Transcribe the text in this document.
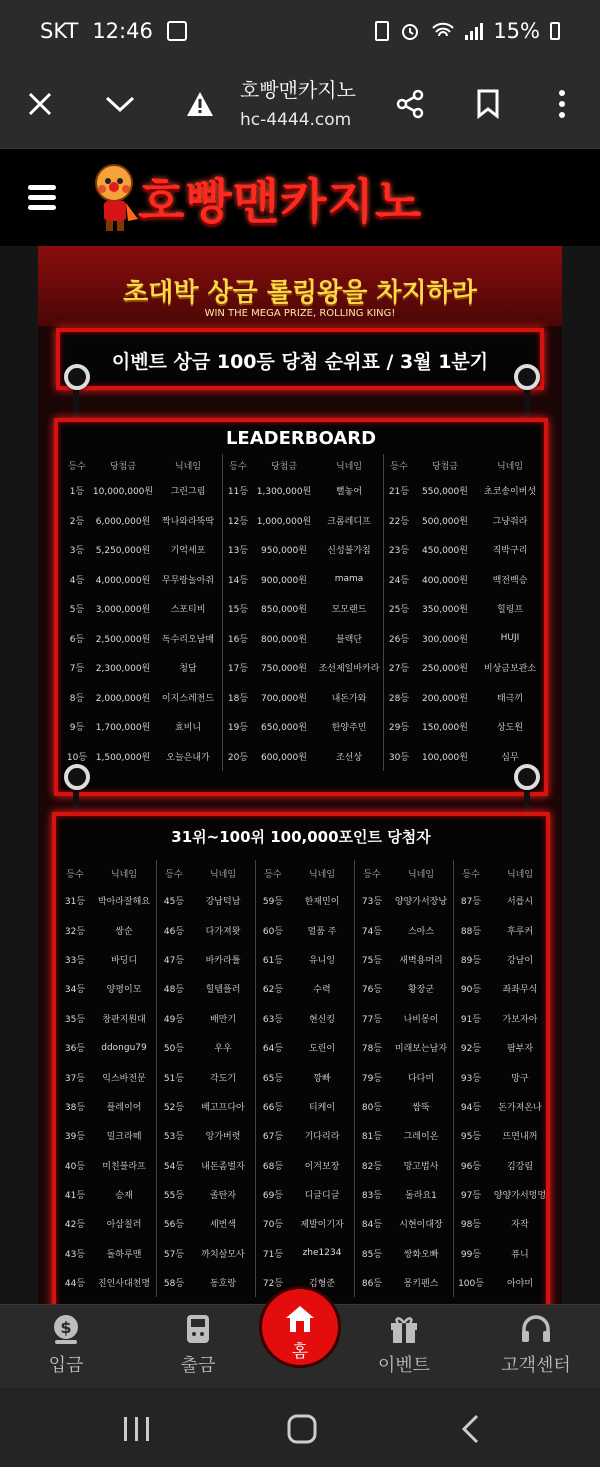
SKT 12:46	15%
호빵맨카지노
hc-4444.com
호빵맨카지노
초대박 상금 롤링왕을 차지하라
WIN THE MEGA PRIZE, ROLLING KING!
이벤트 상금 100등 당첨 순위표 / 3월 1분기
LEADERBOARD
등수	당첨금	닉네임
1등 10,000,000원	그린그림
2등	6,000,000원	짝나와라뚝딱
3등	5,250,000원	기억세포
4등	4,000,000원	무무랑놀아줘
5등	3,000,000원	스포티비
6등	2,500,000원	독수리오남매
7등	2,300,000원	청담
8등	2,000,000원	이지스레전드
9등	1,700,000원	효비니
10등 1,500,000원	오늘은내가
등수	당첨금	닉네임
11등 1,300,000원	뻘놓어
12등 1,000,000원	크롬레디프
13등	950,000원	신성불가침
14등	900,000원	mama
15등	850,000원	모모랜드
16등	800,000원	블랙단
17등	750,000원	조선제일바카라
18등	700,000원	내돈가와
19등	650,000원	한양주민
20등	600,000원	조선상
등수	당첨금	닉네임
21등	550,000원	초코송이버섯
22등	500,000원	그냥줘라
23등	450,000원	직박구리
24등	400,000원	백전백승
25등	350,000원	힐링프
26등	300,000원	HUJI
27등	250,000원	비상금보관소
28등	200,000원	태극끼
29등	150,000원	상도원
30등	100,000원	심무
31위~100위 100,000포인트 당첨자
등수	닉네임
31등	박아라잘해요
32등	쌍순
33등	바딩디
34등	양평이모
35등	창판지원대
36등	ddongu79
37등	익스바전문
38등	플레이어
39등	밀크라떼
40등	미친블라프
41등	승재
42등	아삼칠러
43등	돌하루맨
44등	진인사대천명
등수	닉네임
45등	강남턱남
46등	다가져왓
47등	바카라틀
48등	힐템플러
49등	배만기
50등	우우
51등	각도기
52등	배고프다아
53등	앙가버렷
54등	내돈좀벌자
55등	졸탄자
56등	세번색
57등	까치살모사
58등	동호랑
등수	닉네임
59등	한재민이
60등	멀품 주
61등	유니잉
62등	수력
63등	현신킹
64등	도린이
65등	깡빠
66등	티케이
67등	기다리라
68등	이겨보장
69등	디글디글
70등	제발이기자
71등	zhe1234
72등	김형준
등수	닉네임
73등	양양가서장낭
74등	스아스
75등	새벽용머리
76등	황장군
77등	나비몽이
78등	미래보는남자
79등	다다미
80등	쌈뚝
81등	그레이온
82등	망고법사
83등	돌라요1
84등	시현이대장
85등	쌍화오빠
86등	몽키펜스
등수	닉네임
87등	서릅시
88등	후루커
89등	강남이
90등	좌좌무식
91등	가보자아
92등	팜부자
93등	망구
94등	돈가져온나
95등	뜨면내꺼
96등	김강림
97등	양양가서멍멍
98등	자작
99등	퓨니
100등	아야미
$
입금	출금
홈
이벤트	고객센터
